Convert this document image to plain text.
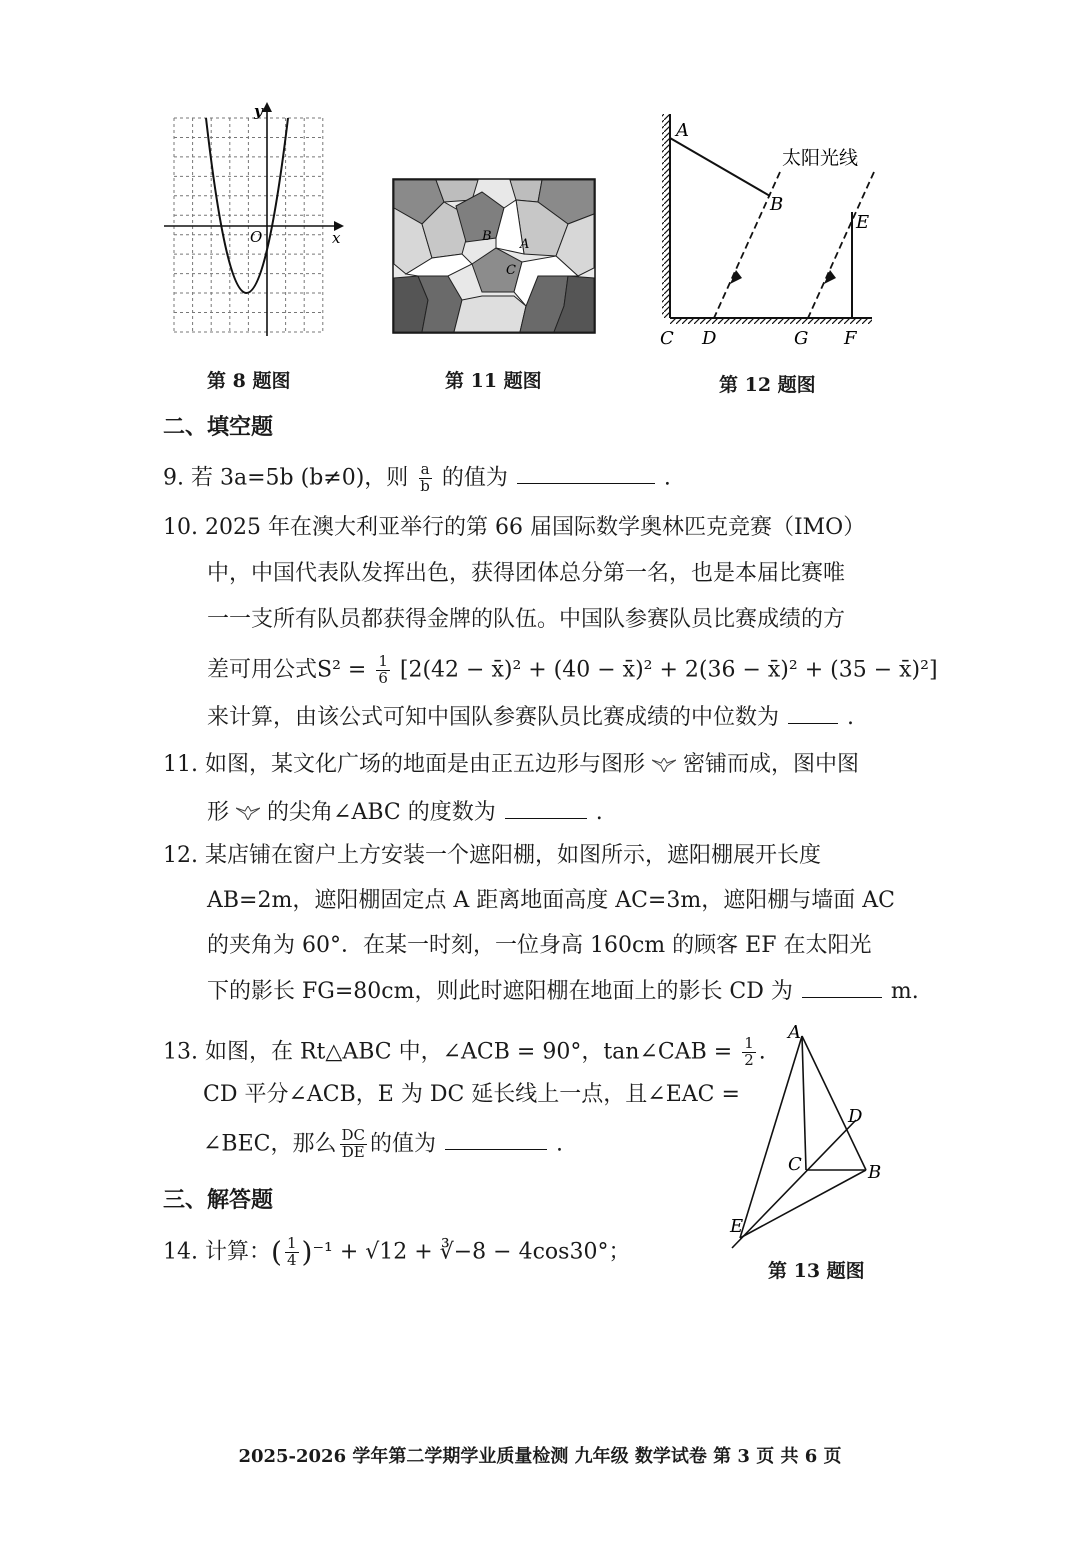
x
y
O
第 8 题图
B
A
C
第 11 题图
太阳光线
A
B
E
C D	G F
第 12 题图
A
D
C	B
E
第 13 题图
二、填空题
9. 若 3a=5b (b≠0)，则 $\frac{a}{b}$ 的值为	.
10. 2025 年在澳大利亚举行的第 66 届国际数学奥林匹克竞赛（IMO）
中，中国代表队发挥出色，获得团体总分第一名，也是本届比赛唯
一一支所有队员都获得金牌的队伍。中国队参赛队员比赛成绩的方
差可用公式$S^2 = \frac{1}{6} [2(42$ − x̄)² + (40 − x̄)² + 2(36 − x̄)² + (35 − x̄)²]
来计算，由该公式可知中国队参赛队员比赛成绩的中位数为	.
11. 如图，某文化广场的地面是由正五边形与图形 密铺而成，图中图
形 的尖角∠ABC 的度数为	.
12. 某店铺在窗户上方安装一个遮阳棚，如图所示，遮阳棚展开长度
AB=2m，遮阳棚固定点 A 距离地面高度 AC=3m，遮阳棚与墙面 AC
的夹角为 60°．在某一时刻，一位身高 160cm 的顾客 EF 在太阳光
下的影长 FG=80cm，则此时遮阳棚在地面上的影长 CD 为	m.
13. 如图，在 Rt△ABC 中，∠ACB = 90°，tan∠CAB = $\frac{1}{2}$ .
CD 平分∠ACB，E 为 DC 延长线上一点，且∠EAC =
∠BEC，那么 $\frac{DC}{DE}$ 的值为	.
三、解答题
14. 计算：( $\frac{1}{4} )^{-1} + √12$ + ∛−8 − 4cos30°；
2025-2026 学年第二学期学业质量检测 九年级 数学试卷 第 3 页 共 6 页
